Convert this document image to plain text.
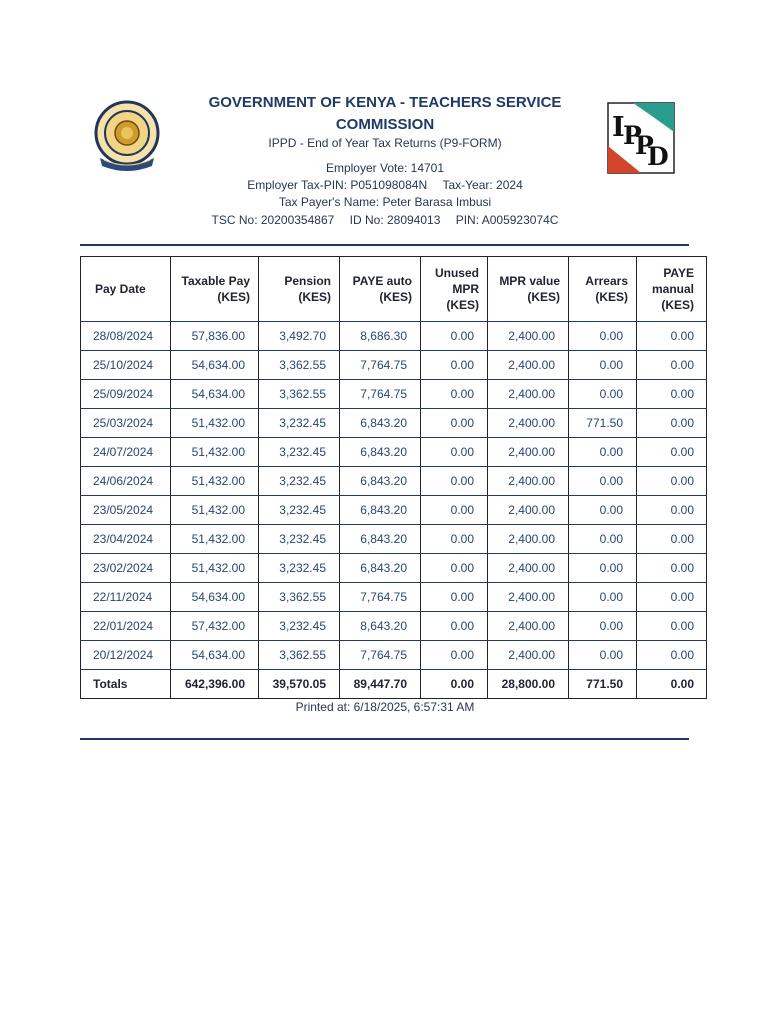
GOVERNMENT OF KENYA - TEACHERS SERVICE COMMISSION
IPPD - End of Year Tax Returns (P9-FORM)
Employer Vote: 14701
Employer Tax-PIN: P051098084N Tax-Year: 2024
Tax Payer's Name: Peter Barasa Imbusi
TSC No: 20200354867 ID No: 28094013 PIN: A005923074C
I
P
P
D
Pay Date	Taxable Pay (KES)	Pension (KES)	PAYE auto (KES)	Unused MPR (KES)	MPR value (KES)	Arrears (KES)	PAYE manual (KES)
28/08/2024	57,836.00	3,492.70	8,686.30	0.00	2,400.00	0.00	0.00
25/10/2024	54,634.00	3,362.55	7,764.75	0.00	2,400.00	0.00	0.00
25/09/2024	54,634.00	3,362.55	7,764.75	0.00	2,400.00	0.00	0.00
25/03/2024	51,432.00	3,232.45	6,843.20	0.00	2,400.00	771.50	0.00
24/07/2024	51,432.00	3,232.45	6,843.20	0.00	2,400.00	0.00	0.00
24/06/2024	51,432.00	3,232.45	6,843.20	0.00	2,400.00	0.00	0.00
23/05/2024	51,432.00	3,232.45	6,843.20	0.00	2,400.00	0.00	0.00
23/04/2024	51,432.00	3,232.45	6,843.20	0.00	2,400.00	0.00	0.00
23/02/2024	51,432.00	3,232.45	6,843.20	0.00	2,400.00	0.00	0.00
22/11/2024	54,634.00	3,362.55	7,764.75	0.00	2,400.00	0.00	0.00
22/01/2024	57,432.00	3,232.45	8,643.20	0.00	2,400.00	0.00	0.00
20/12/2024	54,634.00	3,362.55	7,764.75	0.00	2,400.00	0.00	0.00
Totals	642,396.00	39,570.05	89,447.70	0.00	28,800.00	771.50	0.00
Printed at: 6/18/2025, 6:57:31 AM
